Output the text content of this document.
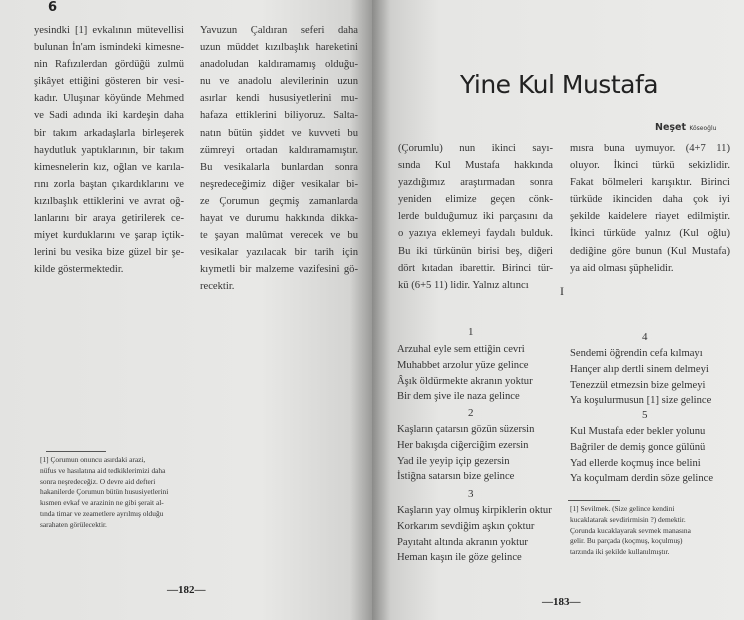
6
yesindki [1] evkalının mütevellisi
bulunan İn'am ismindeki kimesne-
nin Rafızılerdan gördüğü zulmü
şikâyet ettiğini gösteren bir vesi-
kadır. Uluşınar köyünde Mehmed
ve Sadi adında iki kardeşin daha
bir takım arkadaşlarla birleşerek
haydutluk yaptıklarının, bir takım
kimesnelerin kız, oğlan ve karıla-
rını zorla baştan çıkardıklarını ve
kızılbaşlık ettiklerini ve avrat oğ-
lanlarını bir araya getirilerek ce-
miyet kurduklarını ve şarap içtik-
lerini bu vesika bize güzel bir şe-
kilde göstermektedir.
Yavuzun Çaldıran seferi daha
uzun müddet kızılbaşlık hareketini
anadoludan kaldıramamış olduğu-
nu ve anadolu alevilerinin uzun
asırlar kendi hususiyetlerini mu-
hafaza ettiklerini biliyoruz. Salta-
natın bütün şiddet ve kuvveti bu
zümreyi ortadan kaldıramamıştır.
Bu vesikalarla bunlardan sonra
neşredeceğimiz diğer vesikalar bi-
ze Çorumun geçmiş zamanlarda
hayat ve durumu hakkında dikka-
te şayan malûmat verecek ve bu
vesikalar yazılacak bir tarih için
kıymetli bir malzeme vazifesini gö-
recektir.
[1] Çorumun onuncu asırdaki arazi,
nüfus ve hasılatına aid tedkiklerimizi daha
sonra neşredeceğiz. O devre aid defteri
hakanilerde Çorumun bütün hususiyetlerini
kısmen evkaf ve arazinin ne gibi şerait al-
tında timar ve zeametlere ayrılmış olduğu
sarahaten görülecektir.
—182—
Yine Kul Mustafa
Neşet Köseoğlu
(Çorumlu) nun ikinci sayı-
sında Kul Mustafa hakkında
yazdığımız araştırmadan sonra
yeniden elimize geçen cönk-
lerde bulduğumuz iki parçasını da
o yazıya eklemeyi faydalı bulduk.
Bu iki türkünün birisi beş, diğeri
dört kıtadan ibarettir. Birinci tür-
kü (6+5 11) lidir. Yalnız altıncı
mısra buna uymuyor. (4+7 11)
oluyor. İkinci türkü sekizlidir.
Fakat bölmeleri karışıktır. Birinci
türküde ikinciden daha çok iyi
şekilde kaidelere riayet edilmiştir.
İkinci türküde yalnız (Kul oğlu)
dediğine göre bunun (Kul Mustafa)
ya aid olması şüphelidir.
I
1
Arzuhal eyle sem ettiğin cevri
Muhabbet arzolur yüze gelince
Âşık öldürmekte akranın yoktur
Bir dem şive ile naza gelince
2
Kaşların çatarsın gözün süzersin
Her bakışda ciğerciğim ezersin
Yad ile yeyip içip gezersin
İstiğna satarsın bize gelince
3
Kaşların yay olmuş kirpiklerin oktur
Korkarım sevdiğim aşkın çoktur
Payıtaht altında akranın yoktur
Heman kaşın ile göze gelince
4
Sendemi öğrendin cefa kılmayı
Hançer alıp dertli sinem delmeyi
Tenezzül etmezsin bize gelmeyi
Ya koşulurmusun [1] size gelince
5
Kul Mustafa eder bekler yolunu
Bağriler de demiş gonce gülünü
Yad ellerde koçmuş ince belini
Ya koçulmam derdin söze gelince
[1] Sevilmek. (Size gelince kendini
kucaklatarak sevdirirmisin ?) demektir.
Çorunda kucaklayarak sevmek manasına
gelir. Bu parçada (koçmuş, koçulmuş)
tarzında iki şekilde kullanılmıştır.
—183—
